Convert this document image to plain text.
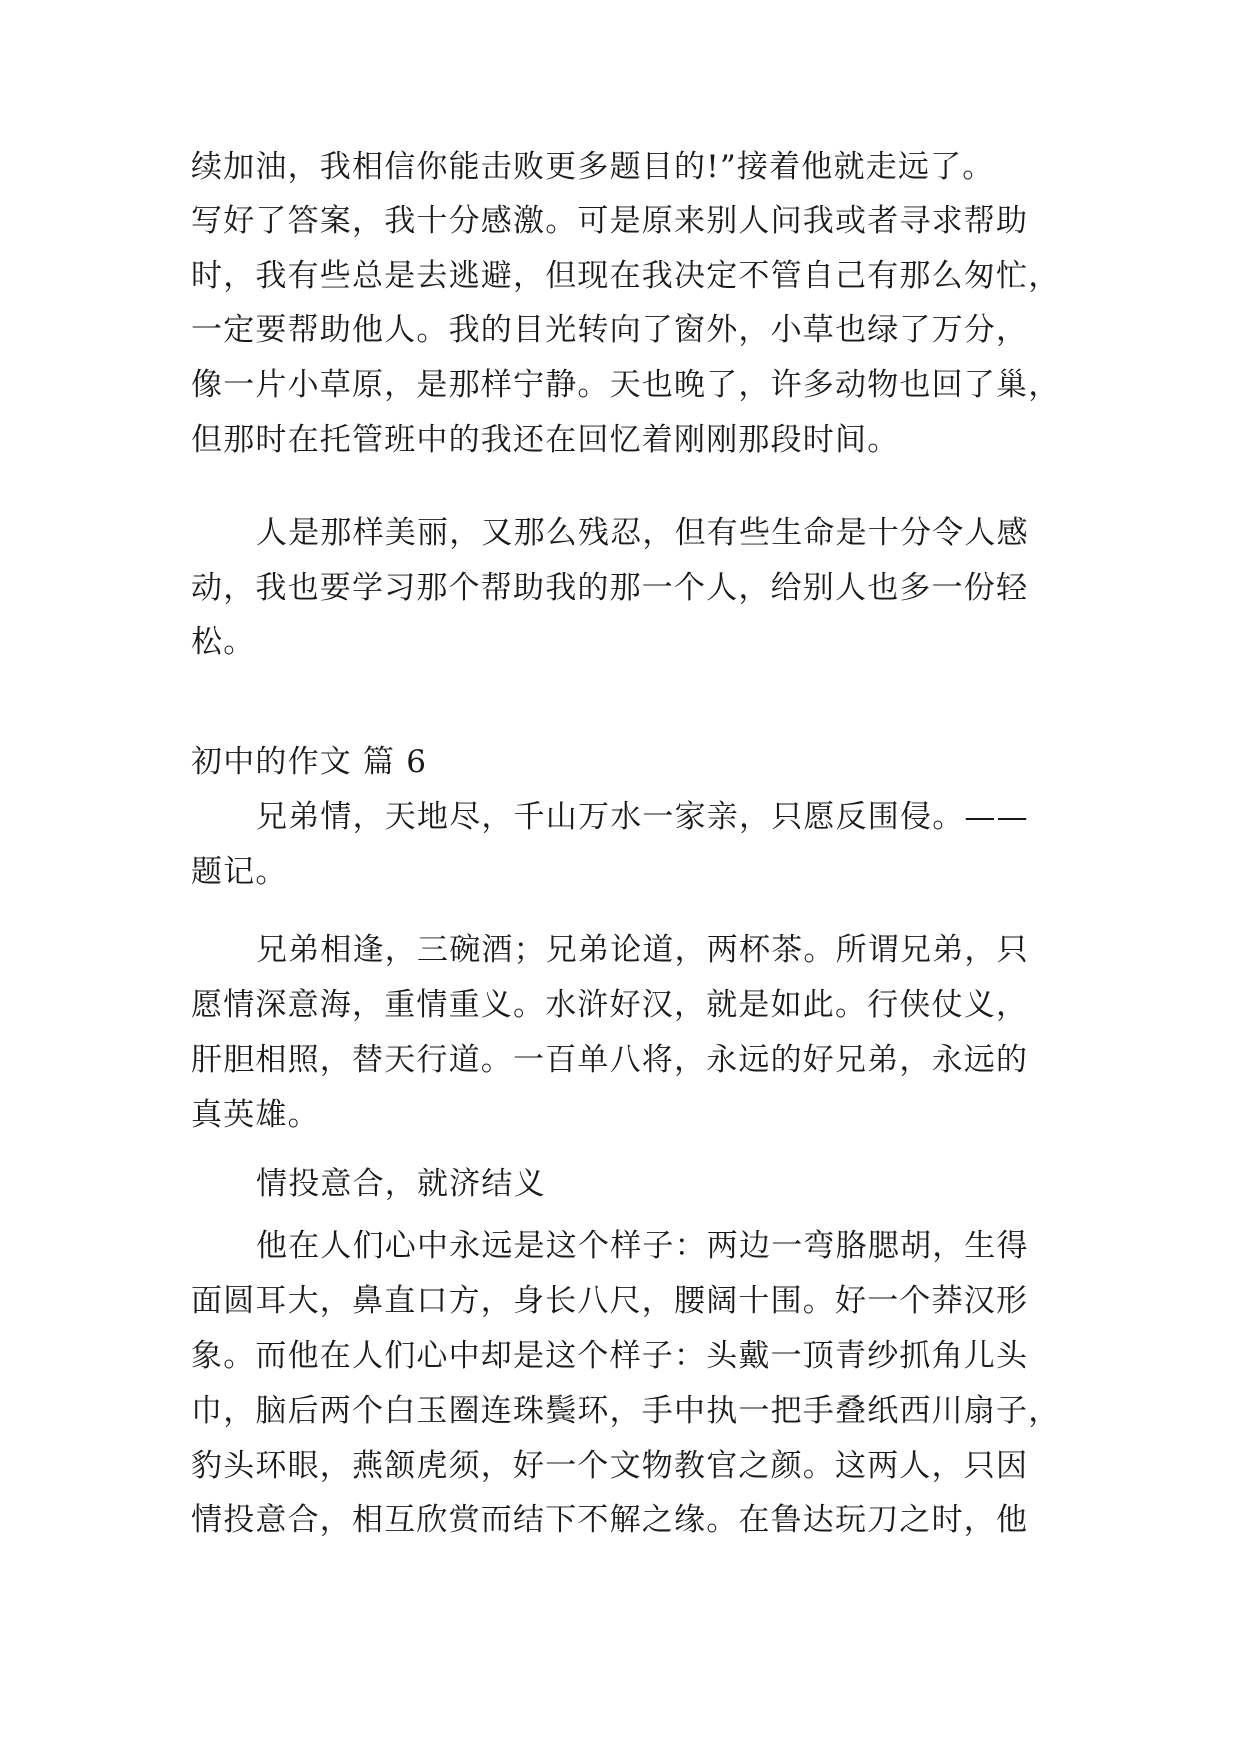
续加油，我相信你能击败更多题目的!”接着他就走远了。
写好了答案，我十分感激。可是原来别人问我或者寻求帮助
时，我有些总是去逃避，但现在我决定不管自己有那么匆忙，
一定要帮助他人。我的目光转向了窗外，小草也绿了万分，
像一片小草原，是那样宁静。天也晚了，许多动物也回了巢，
但那时在托管班中的我还在回忆着刚刚那段时间。
人是那样美丽，又那么残忍，但有些生命是十分令人感
动，我也要学习那个帮助我的那一个人，给别人也多一份轻
松。
初中的作文 篇 6
兄弟情，天地尽，千山万水一家亲，只愿反围侵。——
题记。
兄弟相逢，三碗酒；兄弟论道，两杯茶。所谓兄弟，只
愿情深意海，重情重义。水浒好汉，就是如此。行侠仗义，
肝胆相照，替天行道。一百单八将，永远的好兄弟，永远的
真英雄。
情投意合，就济结义
他在人们心中永远是这个样子：两边一弯胳腮胡，生得
面圆耳大，鼻直口方，身长八尺，腰阔十围。好一个莽汉形
象。而他在人们心中却是这个样子：头戴一顶青纱抓角儿头
巾，脑后两个白玉圈连珠鬓环，手中执一把手叠纸西川扇子，
豹头环眼，燕颔虎须，好一个文物教官之颜。这两人，只因
情投意合，相互欣赏而结下不解之缘。在鲁达玩刀之时，他
